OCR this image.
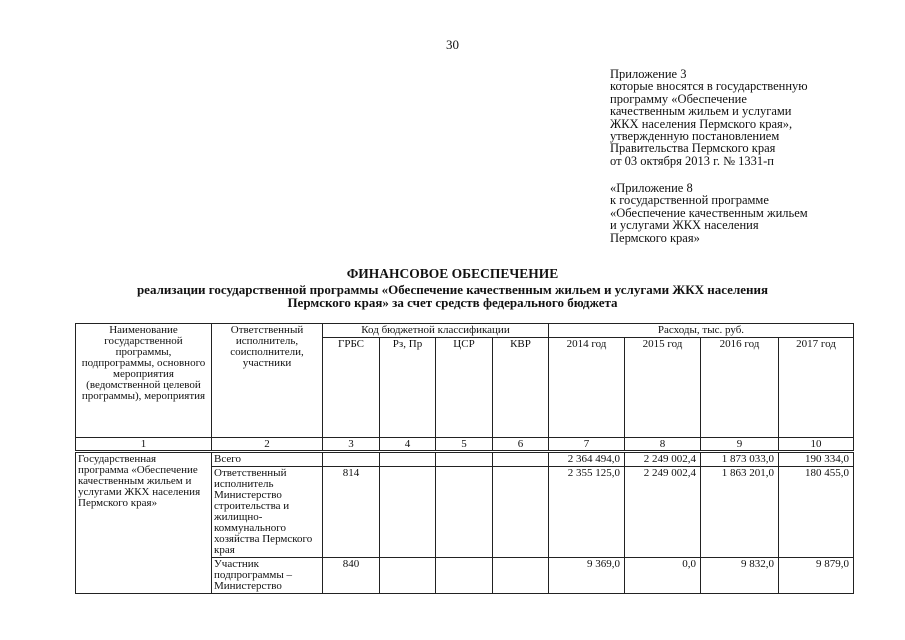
30
Приложение 3
которые вносятся в государственную
программу «Обеспечение
качественным жильем и услугами
ЖКХ населения Пермского края»,
утвержденную постановлением
Правительства Пермского края
от 03 октября 2013 г. № 1331-п
«Приложение 8
к государственной программе
«Обеспечение качественным жильем
и услугами ЖКХ населения
Пермского края»
ФИНАНСОВОЕ ОБЕСПЕЧЕНИЕ
реализации государственной программы «Обеспечение качественным жильем и услугами ЖКХ населения
Пермского края» за счет средств федерального бюджета
Наименование государственной программы, подпрограммы, основного мероприятия (ведомственной целевой программы), мероприятия	Ответственный исполнитель, соисполнители, участники	Код бюджетной классификации				Расходы, тыс. руб.			
		ГРБС	Рз, Пр	ЦСР	КВР	2014 год	2015 год	2016 год	2017 год
1	2	3	4	5	6	7	8	9	10
Государственная программа «Обеспечение качественным жильем и услугами ЖКХ населения Пермского края»	Всего					2 364 494,0	2 249 002,4	1 873 033,0	190 334,0
	Ответственный исполнитель Министерство строительства и жилищно-коммунального хозяйства Пермского края	814				2 355 125,0	2 249 002,4	1 863 201,0	180 455,0
	Участник подпрограммы – Министерство	840				9 369,0	0,0	9 832,0	9 879,0
